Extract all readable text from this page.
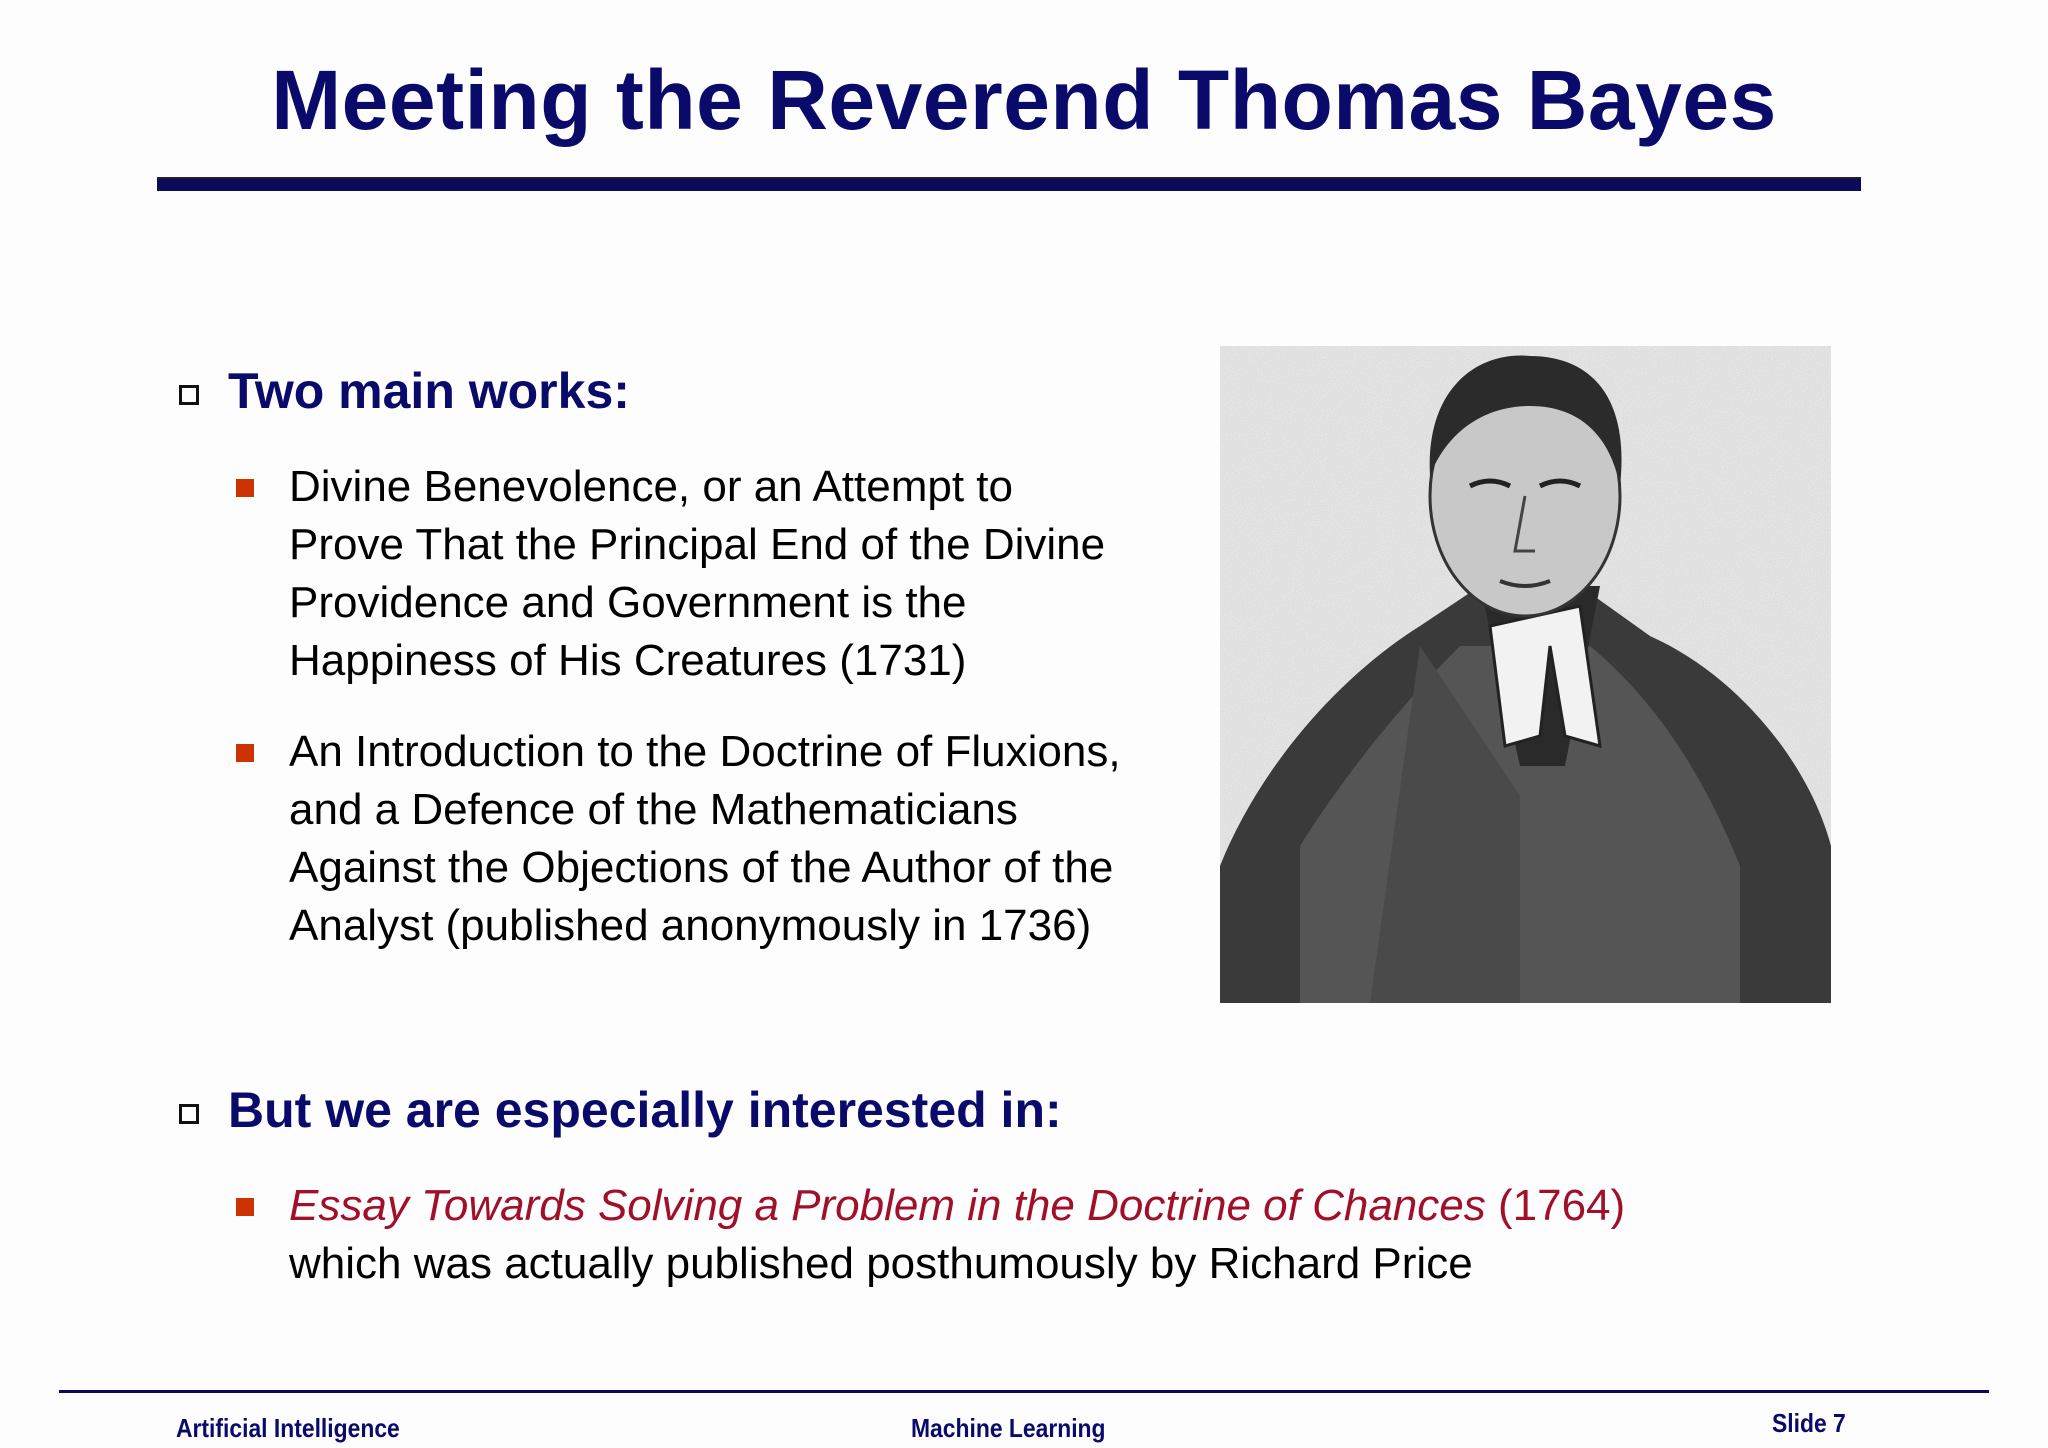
Meeting the Reverend Thomas Bayes
Two main works:
Divine Benevolence, or an Attempt to
Prove That the Principal End of the Divine
Providence and Government is the
Happiness of His Creatures (1731)
An Introduction to the Doctrine of Fluxions,
and a Defence of the Mathematicians
Against the Objections of the Author of the
Analyst (published anonymously in 1736)
But we are especially interested in:
Essay Towards Solving a Problem in the Doctrine of Chances (1764)
which was actually published posthumously by Richard Price
Artificial Intelligence	Machine Learning	Slide 7
